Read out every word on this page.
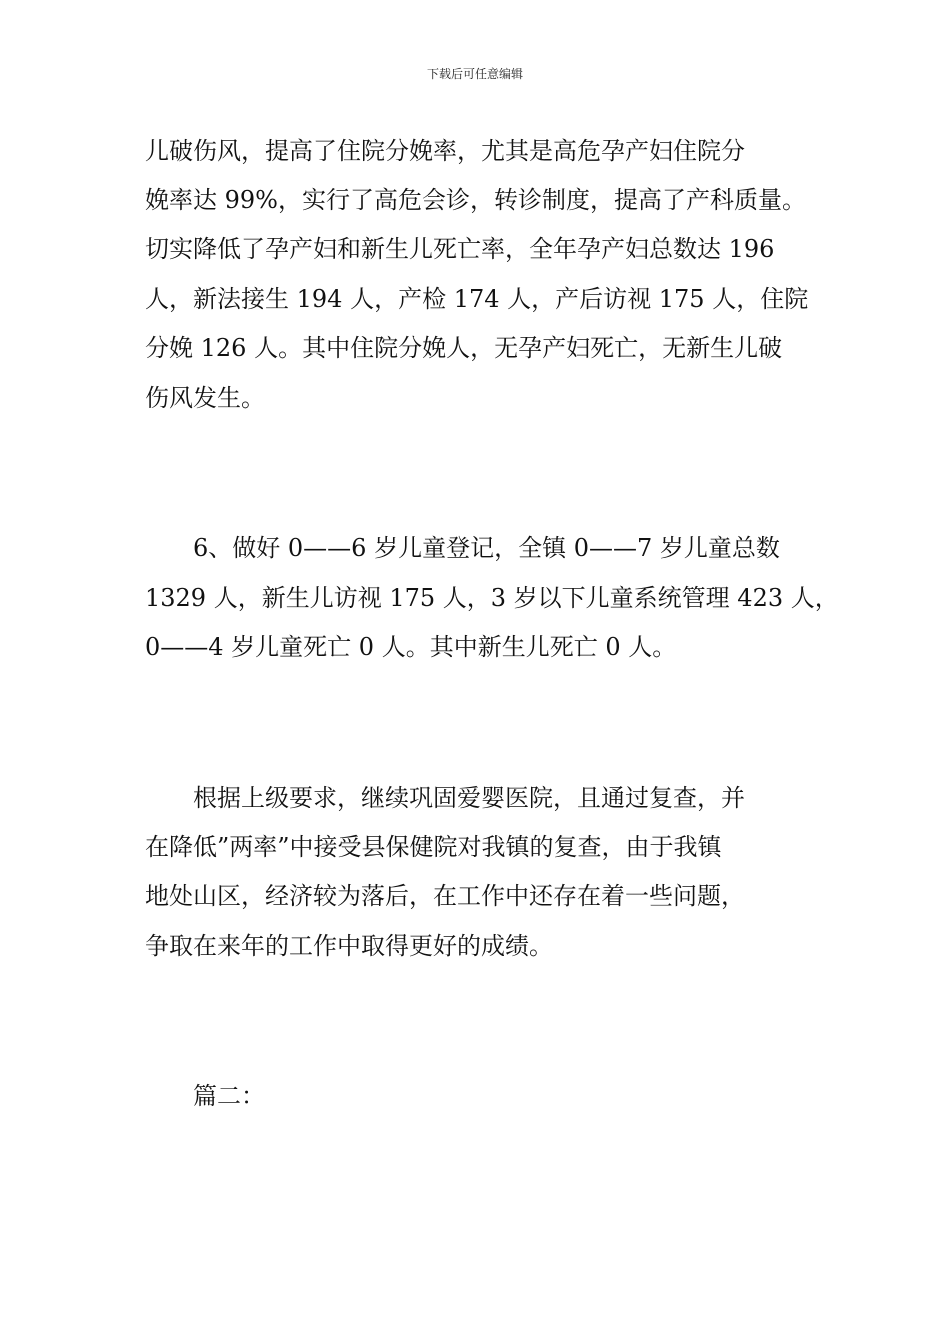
下载后可任意编辑
儿破伤风，提高了住院分娩率，尤其是高危孕产妇住院分
娩率达 99%，实行了高危会诊，转诊制度，提高了产科质量。
切实降低了孕产妇和新生儿死亡率，全年孕产妇总数达 196
人，新法接生 194 人，产检 174 人，产后访视 175 人，住院
分娩 126 人。其中住院分娩人，无孕产妇死亡，无新生儿破
伤风发生。
6、做好 0——6 岁儿童登记，全镇 0——7 岁儿童总数
1329 人，新生儿访视 175 人，3 岁以下儿童系统管理 423 人，
0——4 岁儿童死亡 0 人。其中新生儿死亡 0 人。
根据上级要求，继续巩固爱婴医院，且通过复查，并
在降低”两率”中接受县保健院对我镇的复查，由于我镇
地处山区，经济较为落后，在工作中还存在着一些问题，
争取在来年的工作中取得更好的成绩。
篇二：
